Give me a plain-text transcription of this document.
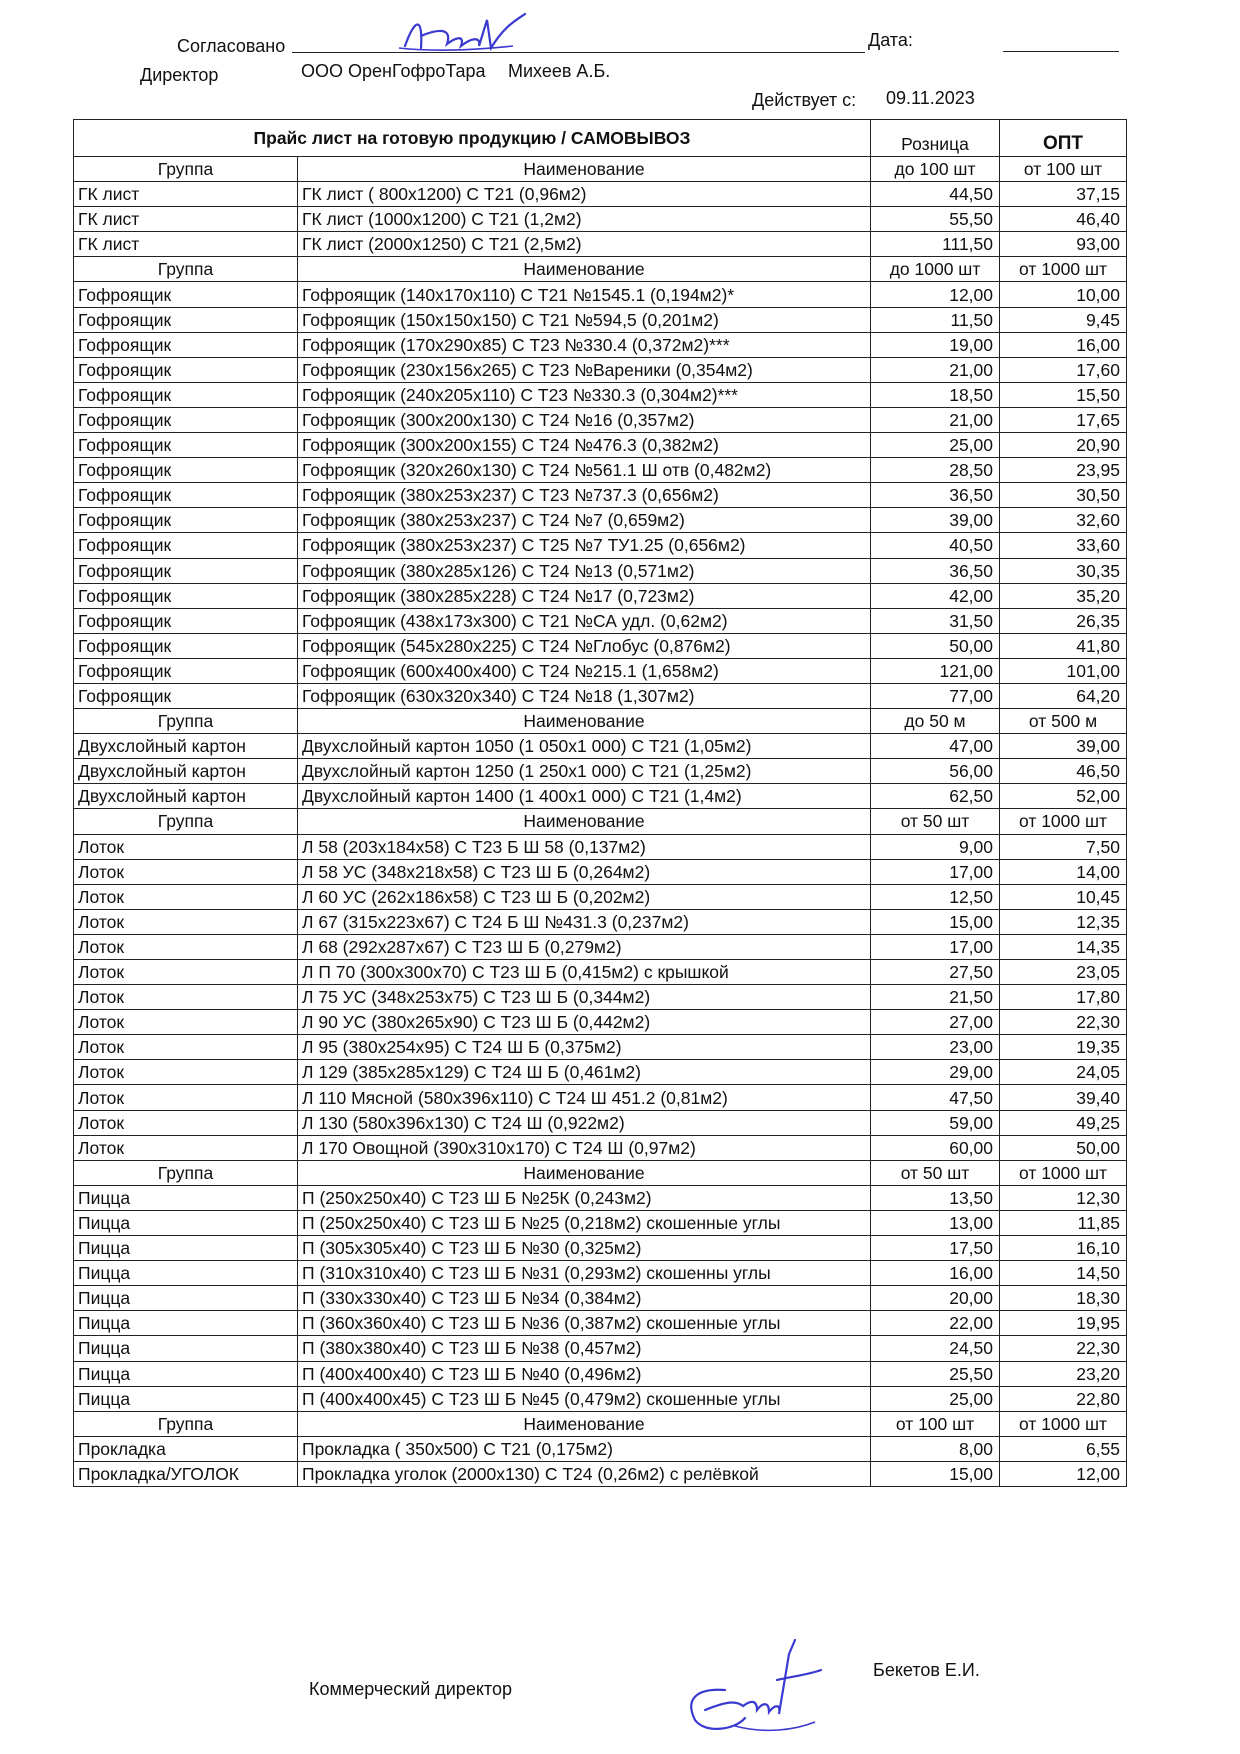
Согласовано	Дата:
Директор	ООО ОренГофроТара Михеев А.Б.
Действует с: 09.11.2023
Прайс лист на готовую продукцию / САМОВЫВОЗ		Розница	ОПТ
Группа	Наименование	до 100 шт	от 100 шт
ГК лист	ГК лист ( 800х1200) С Т21 (0,96м2)	44,50	37,15
ГК лист	ГК лист (1000х1200) С Т21 (1,2м2)	55,50	46,40
ГК лист	ГК лист (2000х1250) С Т21 (2,5м2)	111,50	93,00
Группа	Наименование	до 1000 шт	от 1000 шт
Гофроящик	Гофроящик (140х170х110) С Т21 №1545.1 (0,194м2)*	12,00	10,00
Гофроящик	Гофроящик (150х150х150) С Т21 №594,5 (0,201м2)	11,50	9,45
Гофроящик	Гофроящик (170х290х85) С Т23 №330.4 (0,372м2)***	19,00	16,00
Гофроящик	Гофроящик (230х156х265) С Т23 №Вареники (0,354м2)	21,00	17,60
Гофроящик	Гофроящик (240х205х110) С Т23 №330.3 (0,304м2)***	18,50	15,50
Гофроящик	Гофроящик (300х200х130) С Т24 №16 (0,357м2)	21,00	17,65
Гофроящик	Гофроящик (300х200х155) С Т24 №476.3 (0,382м2)	25,00	20,90
Гофроящик	Гофроящик (320х260х130) С Т24 №561.1 Ш отв (0,482м2)	28,50	23,95
Гофроящик	Гофроящик (380х253х237) С Т23 №737.3 (0,656м2)	36,50	30,50
Гофроящик	Гофроящик (380х253х237) С Т24 №7 (0,659м2)	39,00	32,60
Гофроящик	Гофроящик (380х253х237) С Т25 №7 ТУ1.25 (0,656м2)	40,50	33,60
Гофроящик	Гофроящик (380х285х126) С Т24 №13 (0,571м2)	36,50	30,35
Гофроящик	Гофроящик (380х285х228) С Т24 №17 (0,723м2)	42,00	35,20
Гофроящик	Гофроящик (438х173х300) С Т21 №СА удл. (0,62м2)	31,50	26,35
Гофроящик	Гофроящик (545х280х225) С Т24 №Глобус (0,876м2)	50,00	41,80
Гофроящик	Гофроящик (600х400х400) С Т24 №215.1 (1,658м2)	121,00	101,00
Гофроящик	Гофроящик (630х320х340) С Т24 №18 (1,307м2)	77,00	64,20
Группа	Наименование	до 50 м	от 500 м
Двухслойный картон	Двухслойный картон 1050 (1 050х1 000) С Т21 (1,05м2)	47,00	39,00
Двухслойный картон	Двухслойный картон 1250 (1 250х1 000) С Т21 (1,25м2)	56,00	46,50
Двухслойный картон	Двухслойный картон 1400 (1 400х1 000) С Т21 (1,4м2)	62,50	52,00
Группа	Наименование	от 50 шт	от 1000 шт
Лоток	Л 58 (203х184х58) С Т23 Б Ш 58 (0,137м2)	9,00	7,50
Лоток	Л 58 УС (348х218х58) С Т23 Ш Б (0,264м2)	17,00	14,00
Лоток	Л 60 УС (262х186х58) С Т23 Ш Б (0,202м2)	12,50	10,45
Лоток	Л 67 (315х223х67) С Т24 Б Ш №431.3 (0,237м2)	15,00	12,35
Лоток	Л 68 (292х287х67) С Т23 Ш Б (0,279м2)	17,00	14,35
Лоток	Л П 70 (300х300х70) С Т23 Ш Б (0,415м2) с крышкой	27,50	23,05
Лоток	Л 75 УС (348х253х75) С Т23 Ш Б (0,344м2)	21,50	17,80
Лоток	Л 90 УС (380х265х90) С Т23 Ш Б (0,442м2)	27,00	22,30
Лоток	Л 95 (380х254х95) С Т24 Ш Б (0,375м2)	23,00	19,35
Лоток	Л 129 (385х285х129) С Т24 Ш Б (0,461м2)	29,00	24,05
Лоток	Л 110 Мясной (580х396х110) С Т24 Ш 451.2 (0,81м2)	47,50	39,40
Лоток	Л 130 (580х396х130) С Т24 Ш (0,922м2)	59,00	49,25
Лоток	Л 170 Овощной (390х310х170) С Т24 Ш (0,97м2)	60,00	50,00
Группа	Наименование	от 50 шт	от 1000 шт
Пицца	П (250х250х40) С Т23 Ш Б №25К (0,243м2)	13,50	12,30
Пицца	П (250х250х40) С Т23 Ш Б №25 (0,218м2) скошенные углы	13,00	11,85
Пицца	П (305х305х40) С Т23 Ш Б №30 (0,325м2)	17,50	16,10
Пицца	П (310х310х40) С Т23 Ш Б №31 (0,293м2) скошенны углы	16,00	14,50
Пицца	П (330х330х40) С Т23 Ш Б №34 (0,384м2)	20,00	18,30
Пицца	П (360х360х40) С Т23 Ш Б №36 (0,387м2) скошенные углы	22,00	19,95
Пицца	П (380х380х40) С Т23 Ш Б №38 (0,457м2)	24,50	22,30
Пицца	П (400х400х40) С Т23 Ш Б №40 (0,496м2)	25,50	23,20
Пицца	П (400х400х45) С Т23 Ш Б №45 (0,479м2) скошенные углы	25,00	22,80
Группа	Наименование	от 100 шт	от 1000 шт
Прокладка	Прокладка ( 350х500) С Т21 (0,175м2)	8,00	6,55
Прокладка/УГОЛОК	Прокладка уголок (2000х130) С Т24 (0,26м2) с релёвкой	15,00	12,00
Коммерческий директор
Бекетов Е.И.
